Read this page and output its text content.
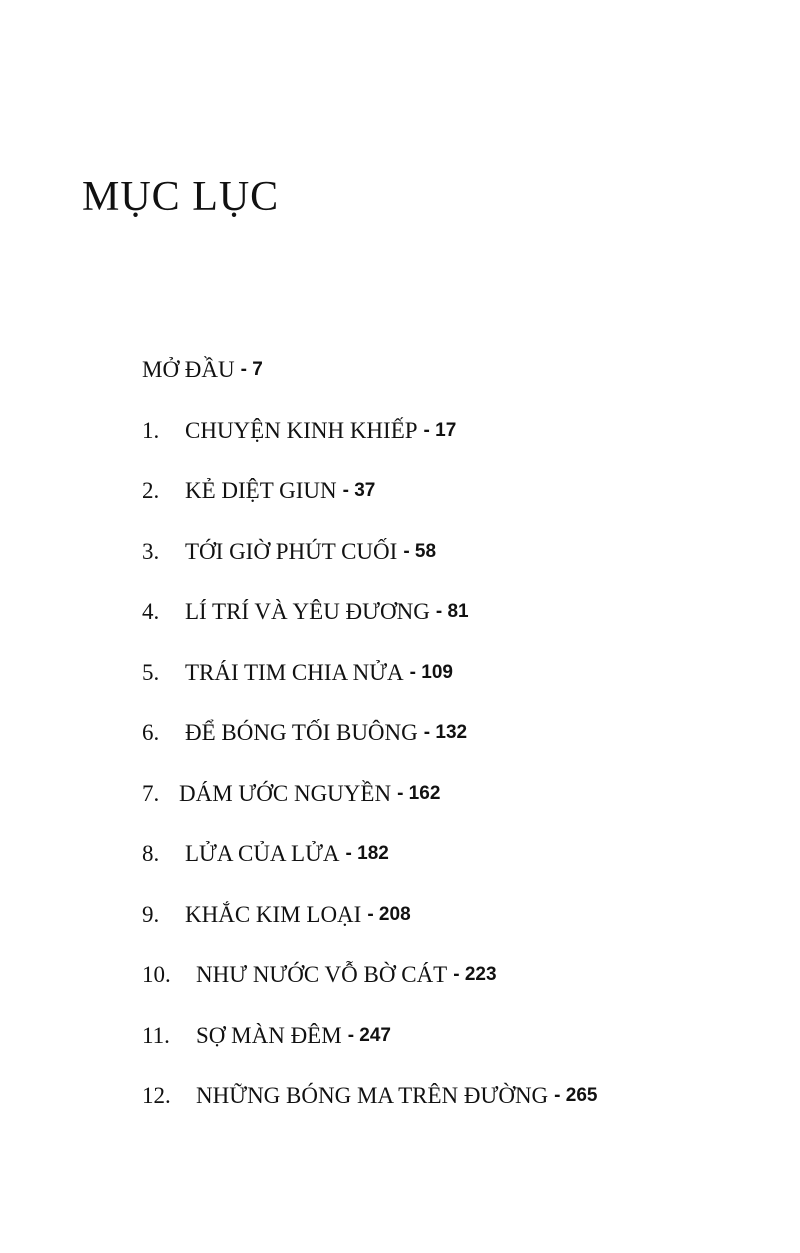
MỤC LỤC
MỞ ĐẦU - 7
1.	CHUYỆN KINH KHIẾP - 17
2.	KẺ DIỆT GIUN - 37
3.	TỚI GIỜ PHÚT CUỐI - 58
4.	LÍ TRÍ VÀ YÊU ĐƯƠNG - 81
5.	TRÁI TIM CHIA NỬA - 109
6.	ĐỂ BÓNG TỐI BUÔNG - 132
7. DÁM ƯỚC NGUYỀN - 162
8.	LỬA CỦA LỬA - 182
9.	KHẮC KIM LOẠI - 208
10.	NHƯ NƯỚC VỖ BỜ CÁT - 223
11.	SỢ MÀN ĐÊM - 247
12.	NHỮNG BÓNG MA TRÊN ĐƯỜNG - 265
